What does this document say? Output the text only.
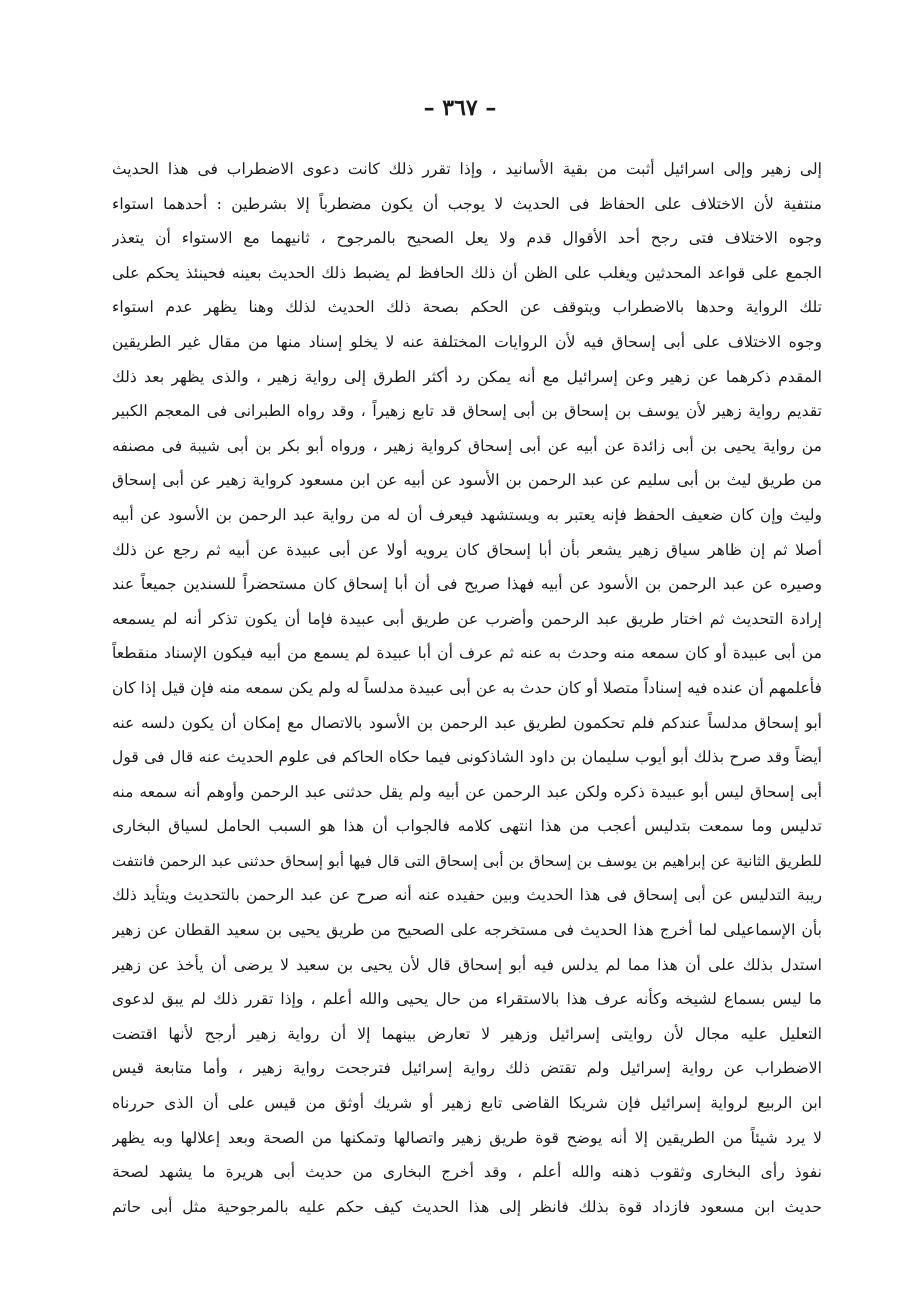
– ٣٦٧ –
إلى زهير وإلى اسرائيل أثبت من بقية الأسانيد ، وإذا تقرر ذلك كانت دعوى الاضطراب فى هذا الحديث
منتفية لأن الاختلاف على الحفاظ فى الحديث لا يوجب أن يكون مضطرباً إلا بشرطين : أحدهما استواء
وجوه الاختلاف فتى رجح أحد الأقوال قدم ولا يعل الصحيح بالمرجوح ، ثانيهما مع الاستواء أن يتعذر
الجمع على قواعد المحدثين ويغلب على الظن أن ذلك الحافظ لم يضبط ذلك الحديث بعينه فحينئذ يحكم على
تلك الرواية وحدها بالاضطراب ويتوقف عن الحكم بصحة ذلك الحديث لذلك وهنا يظهر عدم استواء
وجوه الاختلاف على أبى إسحاق فيه لأن الروايات المختلفة عنه لا يخلو إسناد منها من مقال غير الطريقين
المقدم ذكرهما عن زهير وعن إسرائيل مع أنه يمكن رد أكثر الطرق إلى رواية زهير ، والذى يظهر بعد ذلك
تقديم رواية زهير لأن يوسف بن إسحاق بن أبى إسحاق قد تابع زهيراً ، وقد رواه الطبرانى فى المعجم الكبير
من رواية يحيى بن أبى زائدة عن أبيه عن أبى إسحاق كرواية زهير ، ورواه أبو بكر بن أبى شيبة فى مصنفه
من طريق ليث بن أبى سليم عن عبد الرحمن بن الأسود عن أبيه عن ابن مسعود كرواية زهير عن أبى إسحاق
وليث وإن كان ضعيف الحفظ فإنه يعتبر به ويستشهد فيعرف أن له من رواية عبد الرحمن بن الأسود عن أبيه
أصلا ثم إن ظاهر سياق زهير يشعر بأن أبا إسحاق كان يرويه أولا عن أبى عبيدة عن أبيه ثم رجع عن ذلك
وصيره عن عبد الرحمن بن الأسود عن أبيه فهذا صريح فى أن أبا إسحاق كان مستحضراً للسندين جميعاً عند
إرادة التحديث ثم اختار طريق عبد الرحمن وأضرب عن طريق أبى عبيدة فإما أن يكون تذكر أنه لم يسمعه
من أبى عبيدة أو كان سمعه منه وحدث به عنه ثم عرف أن أبا عبيدة لم يسمع من أبيه فيكون الإسناد منقطعاً
فأعلمهم أن عنده فيه إسناداً متصلا أو كان حدث به عن أبى عبيدة مدلساً له ولم يكن سمعه منه فإن قيل إذا كان
أبو إسحاق مدلساً عندكم فلم تحكمون لطريق عبد الرحمن بن الأسود بالاتصال مع إمكان أن يكون دلسه عنه
أيضاً وقد صرح بذلك أبو أيوب سليمان بن داود الشاذكونى فيما حكاه الحاكم فى علوم الحديث عنه قال فى قول
أبى إسحاق ليس أبو عبيدة ذكره ولكن عبد الرحمن عن أبيه ولم يقل حدثنى عبد الرحمن وأوهم أنه سمعه منه
تدليس وما سمعت بتدليس أعجب من هذا انتهى كلامه فالجواب أن هذا هو السبب الحامل لسياق البخارى
للطريق الثانية عن إبراهيم بن يوسف بن إسحاق بن أبى إسحاق التى قال فيها أبو إسحاق حدثنى عبد الرحمن فانتفت
ريبة التدليس عن أبى إسحاق فى هذا الحديث وبين حفيده عنه أنه صرح عن عبد الرحمن بالتحديث ويتأيد ذلك
بأن الإسماعيلى لما أخرج هذا الحديث فى مستخرجه على الصحيح من طريق يحيى بن سعيد القطان عن زهير
استدل بذلك على أن هذا مما لم يدلس فيه أبو إسحاق قال لأن يحيى بن سعيد لا يرضى أن يأخذ عن زهير
ما ليس بسماع لشيخه وكأنه عرف هذا بالاستقراء من حال يحيى والله أعلم ، وإذا تقرر ذلك لم يبق لدعوى
التعليل عليه مجال لأن روايتى إسرائيل وزهير لا تعارض بينهما إلا أن رواية زهير أرجح لأنها اقتضت
الاضطراب عن رواية إسرائيل ولم تقتض ذلك رواية إسرائيل فترجحت رواية زهير ، وأما متابعة قيس
ابن الربيع لرواية إسرائيل فإن شريكا القاضى تابع زهير أو شريك أوثق من قيس على أن الذى حررناه
لا يرد شيئاً من الطريقين إلا أنه يوضح قوة طريق زهير واتصالها وتمكنها من الصحة وبعد إعلالها وبه يظهر
نفوذ رأى البخارى وثقوب ذهنه والله أعلم ، وقد أخرج البخارى من حديث أبى هريرة ما يشهد لصحة
حديث ابن مسعود فازداد قوة بذلك فانظر إلى هذا الحديث كيف حكم عليه بالمرجوحية مثل أبى حاتم
